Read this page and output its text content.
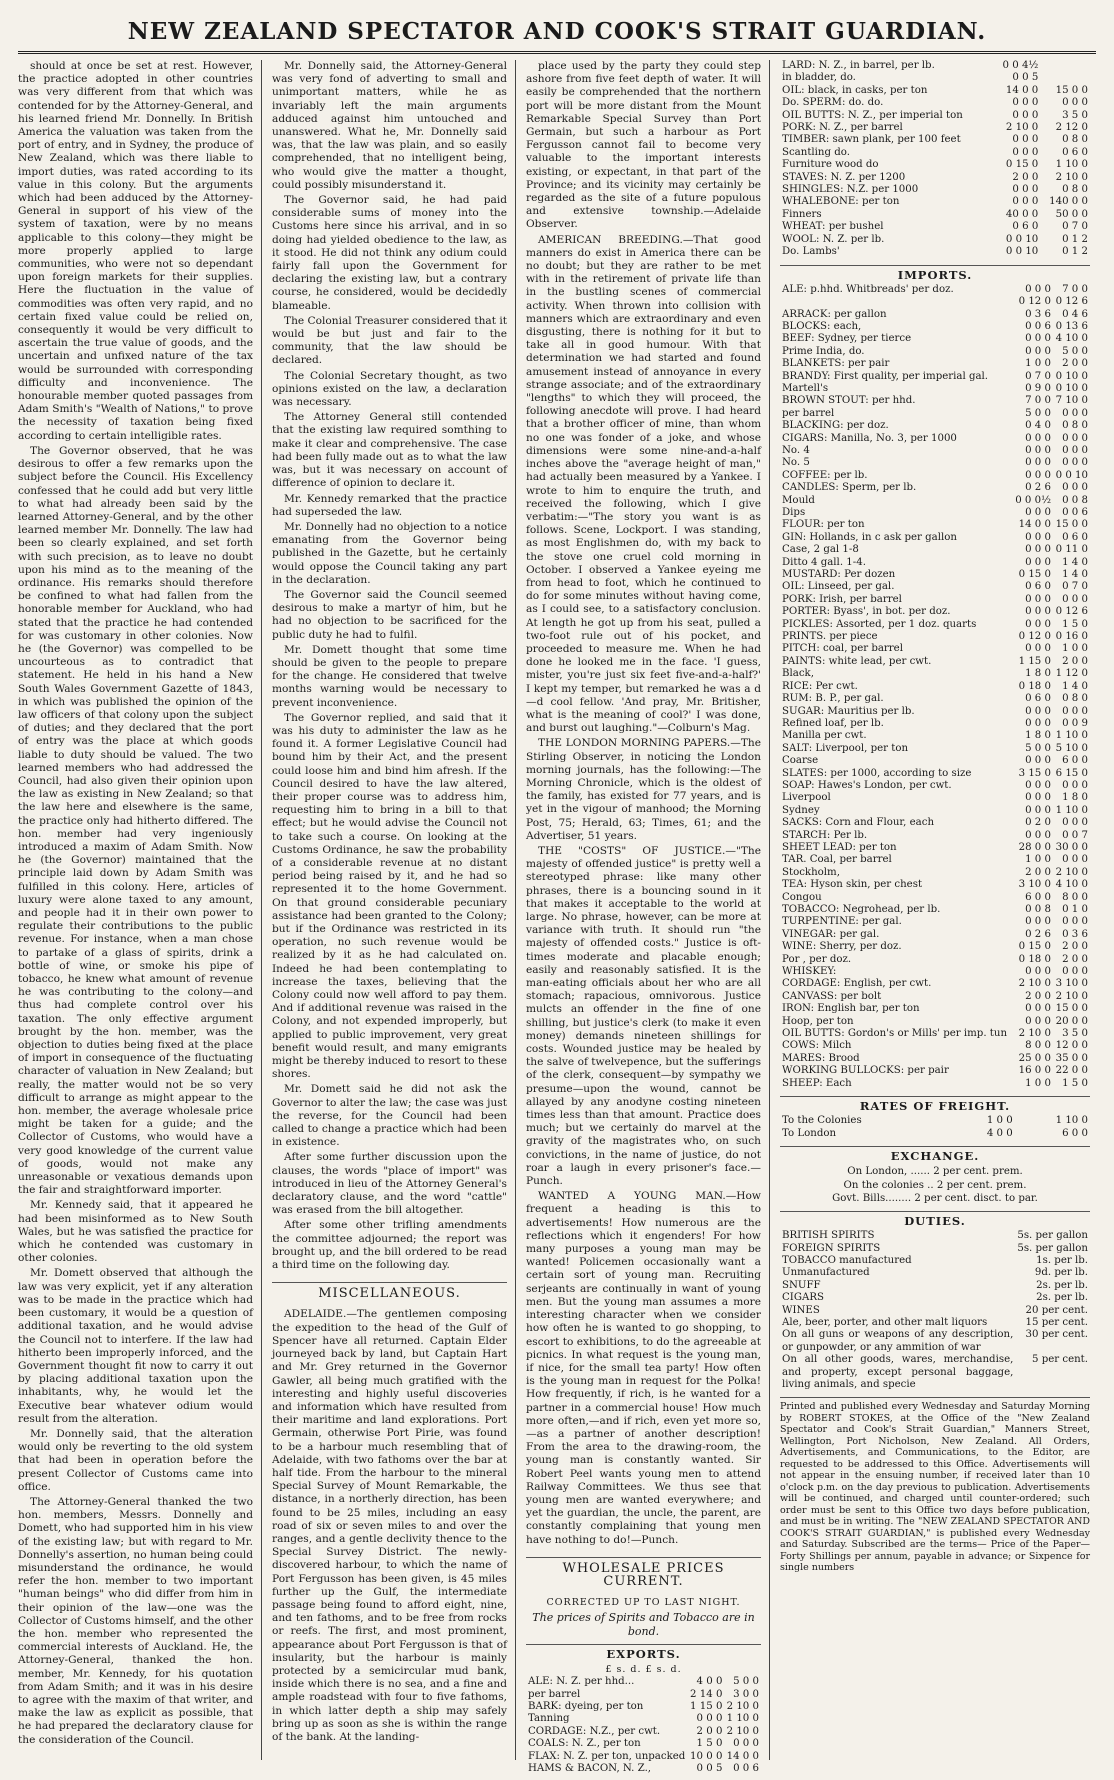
NEW ZEALAND SPECTATOR AND COOK'S STRAIT GUARDIAN.

should at once be set at rest. However, the practice adopted in other countries was very different from that which was contended for by the Attorney-General, and his learned friend Mr. Donnelly. In British America the valuation was taken from the port of entry, and in Sydney, the produce of New Zealand, which was there liable to import duties, was rated according to its value in this colony. But the arguments which had been adduced by the Attorney-General in support of his view of the system of taxation, were by no means applicable to this colony—they might be more properly applied to large communities, who were not so dependant upon foreign markets for their supplies. Here the fluctuation in the value of commodities was often very rapid, and no certain fixed value could be relied on, consequently it would be very difficult to ascertain the true value of goods, and the uncertain and unfixed nature of the tax would be surrounded with corresponding difficulty and inconvenience. The honourable member quoted passages from Adam Smith's "Wealth of Nations," to prove the necessity of taxation being fixed according to certain intelligible rates.

The Governor observed, that he was desirous to offer a few remarks upon the subject before the Council. His Excellency confessed that he could add but very little to what had already been said by the learned Attorney-General, and by the other learned member Mr. Donnelly. The law had been so clearly explained, and set forth with such precision, as to leave no doubt upon his mind as to the meaning of the ordinance. His remarks should therefore be confined to what had fallen from the honorable member for Auckland, who had stated that the practice he had contended for was customary in other colonies. Now he (the Governor) was compelled to be uncourteous as to contradict that statement. He held in his hand a New South Wales Government Gazette of 1843, in which was published the opinion of the law officers of that colony upon the subject of duties; and they declared that the port of entry was the place at which goods liable to duty should be valued. The two learned members who had addressed the Council, had also given their opinion upon the law as existing in New Zealand; so that the law here and elsewhere is the same, the practice only had hitherto differed. The hon. member had very ingeniously introduced a maxim of Adam Smith. Now he (the Governor) maintained that the principle laid down by Adam Smith was fulfilled in this colony. Here, articles of luxury were alone taxed to any amount, and people had it in their own power to regulate their contributions to the public revenue. For instance, when a man chose to partake of a glass of spirits, drink a bottle of wine, or smoke his pipe of tobacco, he knew what amount of revenue he was contributing to the colony—and thus had complete control over his taxation. The only effective argument brought by the hon. member, was the objection to duties being fixed at the place of import in consequence of the fluctuating character of valuation in New Zealand; but really, the matter would not be so very difficult to arrange as might appear to the hon. member, the average wholesale price might be taken for a guide; and the Collector of Customs, who would have a very good knowledge of the current value of goods, would not make any unreasonable or vexatious demands upon the fair and straightforward importer.

Mr. Kennedy said, that it appeared he had been misinformed as to New South Wales, but he was satisfied the practice for which he contended was customary in other colonies.

Mr. Domett observed that although the law was very explicit, yet if any alteration was to be made in the practice which had been customary, it would be a question of additional taxation, and he would advise the Council not to interfere. If the law had hitherto been improperly inforced, and the Government thought fit now to carry it out by placing additional taxation upon the inhabitants, why, he would let the Executive bear whatever odium would result from the alteration.

Mr. Donnelly said, that the alteration would only be reverting to the old system that had been in operation before the present Collector of Customs came into office.

The Attorney-General thanked the two hon. members, Messrs. Donnelly and Domett, who had supported him in his view of the existing law; but with regard to Mr. Donnelly's assertion, no human being could misunderstand the ordinance, he would refer the hon. member to two important "human beings" who did differ from him in their opinion of the law—one was the Collector of Customs himself, and the other the hon. member who represented the commercial interests of Auckland. He, the Attorney-General, thanked the hon. member, Mr. Kennedy, for his quotation from Adam Smith; and it was in his desire to agree with the maxim of that writer, and make the law as explicit as possible, that he had prepared the declaratory clause for the consideration of the Council.

Mr. Donnelly said, the Attorney-General was very fond of adverting to small and unimportant matters, while he as invariably left the main arguments adduced against him untouched and unanswered. What he, Mr. Donnelly said was, that the law was plain, and so easily comprehended, that no intelligent being, who would give the matter a thought, could possibly misunderstand it.

The Governor said, he had paid considerable sums of money into the Customs here since his arrival, and in so doing had yielded obedience to the law, as it stood. He did not think any odium could fairly fall upon the Government for declaring the existing law, but a contrary course, he considered, would be decidedly blameable.

The Colonial Treasurer considered that it would be but just and fair to the community, that the law should be declared.

The Colonial Secretary thought, as two opinions existed on the law, a declaration was necessary.

The Attorney General still contended that the existing law required somthing to make it clear and comprehensive. The case had been fully made out as to what the law was, but it was necessary on account of difference of opinion to declare it.

Mr. Kennedy remarked that the practice had superseded the law.

Mr. Donnelly had no objection to a notice emanating from the Governor being published in the Gazette, but he certainly would oppose the Council taking any part in the declaration.

The Governor said the Council seemed desirous to make a martyr of him, but he had no objection to be sacrificed for the public duty he had to fulfil.

Mr. Domett thought that some time should be given to the people to prepare for the change. He considered that twelve months warning would be necessary to prevent inconvenience.

The Governor replied, and said that it was his duty to administer the law as he found it. A former Legislative Council had bound him by their Act, and the present could loose him and bind him afresh. If the Council desired to have the law altered, their proper course was to address him, requesting him to bring in a bill to that effect; but he would advise the Council not to take such a course. On looking at the Customs Ordinance, he saw the probability of a considerable revenue at no distant period being raised by it, and he had so represented it to the home Government. On that ground considerable pecuniary assistance had been granted to the Colony; but if the Ordinance was restricted in its operation, no such revenue would be realized by it as he had calculated on. Indeed he had been contemplating to increase the taxes, believing that the Colony could now well afford to pay them. And if additional revenue was raised in the Colony, and not expended improperly, but applied to public improvement, very great benefit would result, and many emigrants might be thereby induced to resort to these shores.

Mr. Domett said he did not ask the Governor to alter the law; the case was just the reverse, for the Council had been called to change a practice which had been in existence.

After some further discussion upon the clauses, the words "place of import" was introduced in lieu of the Attorney General's declaratory clause, and the word "cattle" was erased from the bill altogether.

After some other trifling amendments the committee adjourned; the report was brought up, and the bill ordered to be read a third time on the following day.

MISCELLANEOUS.

ADELAIDE.—The gentlemen composing the expedition to the head of the Gulf of Spencer have all returned. Captain Elder journeyed back by land, but Captain Hart and Mr. Grey returned in the Governor Gawler, all being much gratified with the interesting and highly useful discoveries and information which have resulted from their maritime and land explorations. Port Germain, otherwise Port Pirie, was found to be a harbour much resembling that of Adelaide, with two fathoms over the bar at half tide. From the harbour to the mineral Special Survey of Mount Remarkable, the distance, in a northerly direction, has been found to be 25 miles, including an easy road of six or seven miles to and over the ranges, and a gentle declivity thence to the Special Survey District. The newly-discovered harbour, to which the name of Port Fergusson has been given, is 45 miles further up the Gulf, the intermediate passage being found to afford eight, nine, and ten fathoms, and to be free from rocks or reefs. The first, and most prominent, appearance about Port Fergusson is that of insularity, but the harbour is mainly protected by a semicircular mud bank, inside which there is no sea, and a fine and ample roadstead with four to five fathoms, in which latter depth a ship may safely bring up as soon as she is within the range of the bank. At the landing-

place used by the party they could step ashore from five feet depth of water. It will easily be comprehended that the northern port will be more distant from the Mount Remarkable Special Survey than Port Germain, but such a harbour as Port Fergusson cannot fail to become very valuable to the important interests existing, or expectant, in that part of the Province; and its vicinity may certainly be regarded as the site of a future populous and extensive township.—Adelaide Observer.

AMERICAN BREEDING.—That good manners do exist in America there can be no doubt; but they are rather to be met with in the retirement of private life than in the bustling scenes of commercial activity. When thrown into collision with manners which are extraordinary and even disgusting, there is nothing for it but to take all in good humour. With that determination we had started and found amusement instead of annoyance in every strange associate; and of the extraordinary "lengths" to which they will proceed, the following anecdote will prove. I had heard that a brother officer of mine, than whom no one was fonder of a joke, and whose dimensions were some nine-and-a-half inches above the "average height of man," had actually been measured by a Yankee. I wrote to him to enquire the truth, and received the following, which I give verbatim:—"The story you want is as follows. Scene, Lockport. I was standing, as most Englishmen do, with my back to the stove one cruel cold morning in October. I observed a Yankee eyeing me from head to foot, which he continued to do for some minutes without having come, as I could see, to a satisfactory conclusion. At length he got up from his seat, pulled a two-foot rule out of his pocket, and proceeded to measure me. When he had done he looked me in the face. 'I guess, mister, you're just six feet five-and-a-half?' I kept my temper, but remarked he was a d—d cool fellow. 'And pray, Mr. Britisher, what is the meaning of cool?' I was done, and burst out laughing."—Colburn's Mag.

THE LONDON MORNING PAPERS.—The Stirling Observer, in noticing the London morning journals, has the following:—The Morning Chronicle, which is the oldest of the family, has existed for 77 years, and is yet in the vigour of manhood; the Morning Post, 75; Herald, 63; Times, 61; and the Advertiser, 51 years.

THE "COSTS" OF JUSTICE.—"The majesty of offended justice" is pretty well a stereotyped phrase: like many other phrases, there is a bouncing sound in it that makes it acceptable to the world at large. No phrase, however, can be more at variance with truth. It should run "the majesty of offended costs." Justice is oft-times moderate and placable enough; easily and reasonably satisfied. It is the man-eating officials about her who are all stomach; rapacious, omnivorous. Justice mulcts an offender in the fine of one shilling, but justice's clerk (to make it even money) demands nineteen shillings for costs. Wounded justice may be healed by the salve of twelvepence, but the sufferings of the clerk, consequent—by sympathy we presume—upon the wound, cannot be allayed by any anodyne costing nineteen times less than that amount. Practice does much; but we certainly do marvel at the gravity of the magistrates who, on such convictions, in the name of justice, do not roar a laugh in every prisoner's face.—Punch.

WANTED A YOUNG MAN.—How frequent a heading is this to advertisements! How numerous are the reflections which it engenders! For how many purposes a young man may be wanted! Policemen occasionally want a certain sort of young man. Recruiting serjeants are continually in want of young men. But the young man assumes a more interesting character when we consider how often he is wanted to go shopping, to escort to exhibitions, to do the agreeable at picnics. In what request is the young man, if nice, for the small tea party! How often is the young man in request for the Polka! How frequently, if rich, is he wanted for a partner in a commercial house! How much more often,—and if rich, even yet more so,—as a partner of another description! From the area to the drawing-room, the young man is constantly wanted. Sir Robert Peel wants young men to attend Railway Committees. We thus see that young men are wanted everywhere; and yet the guardian, the uncle, the parent, are constantly complaining that young men have nothing to do!—Punch.

WHOLESALE PRICES CURRENT.
CORRECTED UP TO LAST NIGHT.
The prices of Spirits and Tobacco are in bond.
EXPORTS.
£ s. d. £ s. d.
ALE: N. Z. per hhd...	4 0 0	5 0 0
per barrel	2 14 0	3 0 0
BARK: dyeing, per ton	1 15 0	2 10 0
Tanning	0 0 0	1 10 0
CORDAGE: N.Z., per cwt.	2 0 0	2 10 0
COALS: N. Z., per ton	1 5 0	0 0 0
FLAX: N. Z. per ton, unpacked	10 0 0	14 0 0
HAMS & BACON, N. Z.,	0 0 5	0 0 6
LARD: N. Z., in barrel, per lb.	0 0 4½	
in bladder, do.	0 0 5	
OIL: black, in casks, per ton	14 0 0	15 0 0
Do. SPERM: do. do.	0 0 0	0 0 0
OIL BUTTS: N. Z., per imperial ton	0 0 0	3 5 0
PORK: N. Z., per barrel	2 10 0	2 12 0
TIMBER: sawn plank, per 100 feet	0 0 0	0 8 0
Scantling do.	0 0 0	0 6 0
Furniture wood do	0 15 0	1 10 0
STAVES: N. Z. per 1200	2 0 0	2 10 0
SHINGLES: N.Z. per 1000	0 0 0	0 8 0
WHALEBONE: per ton	0 0 0	140 0 0
Finners	40 0 0	50 0 0
WHEAT: per bushel	0 6 0	0 7 0
WOOL: N. Z. per lb.	0 0 10	0 1 2
Do. Lambs'	0 0 10	0 1 2
IMPORTS.
ALE: p.hhd. Whitbreads' per doz.	0 0 0	7 0 0
	0 12 0	0 12 6
ARRACK: per gallon	0 3 6	0 4 6
BLOCKS: each,	0 0 6	0 13 6
BEEF: Sydney, per tierce	0 0 0	4 10 0
Prime India, do.	0 0 0	5 0 0
BLANKETS: per pair	1 0 0	2 0 0
BRANDY: First quality, per imperial gal.	0 7 0	0 10 0
Martell's	0 9 0	0 10 0
BROWN STOUT: per hhd.	7 0 0	7 10 0
per barrel	5 0 0	0 0 0
BLACKING: per doz.	0 4 0	0 8 0
CIGARS: Manilla, No. 3, per 1000	0 0 0	0 0 0
No. 4	0 0 0	0 0 0
No. 5	0 0 0	0 0 0
COFFEE: per lb.	0 0 0	0 0 10
CANDLES: Sperm, per lb.	0 2 6	0 0 0
Mould	0 0 0½	0 0 8
Dips	0 0 0	0 0 6
FLOUR: per ton	14 0 0	15 0 0
GIN: Hollands, in c ask per gallon	0 0 0	0 6 0
Case, 2 gal 1-8	0 0 0	0 11 0
Ditto 4 gall. 1-4.	0 0 0	1 4 0
MUSTARD: Per dozen	0 15 0	1 4 0
OIL: Linseed, per gal.	0 6 0	0 7 0
PORK: Irish, per barrel	0 0 0	0 0 0
PORTER: Byass', in bot. per doz.	0 0 0	0 12 6
PICKLES: Assorted, per 1 doz. quarts	0 0 0	1 5 0
PRINTS. per piece	0 12 0	0 16 0
PITCH: coal, per barrel	0 0 0	1 0 0
PAINTS: white lead, per cwt.	1 15 0	2 0 0
Black,	1 8 0	1 12 0
RICE: Per cwt.	0 18 0	1 4 0
RUM: B. P., per gal.	0 6 0	0 8 0
SUGAR: Mauritius per lb.	0 0 0	0 0 0
Refined loaf, per lb.	0 0 0	0 0 9
Manilla per cwt.	1 8 0	1 10 0
SALT: Liverpool, per ton	5 0 0	5 10 0
Coarse	0 0 0	6 0 0
SLATES: per 1000, according to size	3 15 0	6 15 0
SOAP: Hawes's London, per cwt.	0 0 0	0 0 0
Liverpool	0 0 0	1 8 0
Sydney	0 0 0	1 10 0
SACKS: Corn and Flour, each	0 2 0	0 0 0
STARCH: Per lb.	0 0 0	0 0 7
SHEET LEAD: per ton	28 0 0	30 0 0
TAR. Coal, per barrel	1 0 0	0 0 0
Stockholm,	2 0 0	2 10 0
TEA: Hyson skin, per chest	3 10 0	4 10 0
Congou	6 0 0	8 0 0
TOBACCO: Negrohead, per lb.	0 0 8	0 1 0
TURPENTINE: per gal.	0 0 0	0 0 0
VINEGAR: per gal.	0 2 6	0 3 6
WINE: Sherry, per doz.	0 15 0	2 0 0
Por , per doz.	0 18 0	2 0 0
WHISKEY:	0 0 0	0 0 0
CORDAGE: English, per cwt.	2 10 0	3 10 0
CANVASS: per bolt	2 0 0	2 10 0
IRON: English bar, per ton	0 0 0	15 0 0
Hoop, per ton	0 0 0	20 0 0
OIL BUTTS: Gordon's or Mills' per imp. tun	2 10 0	3 5 0
COWS: Milch	8 0 0	12 0 0
MARES: Brood	25 0 0	35 0 0
WORKING BULLOCKS: per pair	16 0 0	22 0 0
SHEEP: Each	1 0 0	1 5 0
RATES OF FREIGHT.
To the Colonies	1 0 0	1 10 0
To London	4 0 0	6 0 0
EXCHANGE.
On London, ...... 2 per cent. prem.
On the colonies .. 2 per cent. prem.
Govt. Bills........ 2 per cent. disct. to par.
DUTIES.
BRITISH SPIRITS	5s. per gallon
FOREIGN SPIRITS	5s. per gallon
TOBACCO manufactured	1s. per lb.
Unmanufactured	9d. per lb.
SNUFF	2s. per lb.
CIGARS	2s. per lb.
WINES	20 per cent.
Ale, beer, porter, and other malt liquors	15 per cent.
On all guns or weapons of any description, or gunpowder, or any ammition of war	30 per cent.
On all other goods, wares, merchandise, and property, except personal baggage, living animals, and specie	5 per cent.
Printed and published every Wednesday and Saturday Morning by ROBERT STOKES, at the Office of the "New Zealand Spectator and Cook's Strait Guardian," Manners Street, Wellington, Port Nicholson, New Zealand. All Orders, Advertisements, and Communications, to the Editor, are requested to be addressed to this Office. Advertisements will not appear in the ensuing number, if received later than 10 o'clock p.m. on the day previous to publication. Advertisements will be continued, and charged until counter-ordered; such order must be sent to this Office two days before publication, and must be in writing. The "NEW ZEALAND SPECTATOR AND COOK'S STRAIT GUARDIAN," is published every Wednesday and Saturday. Subscribed are the terms— Price of the Paper—Forty Shillings per annum, payable in advance; or Sixpence for single numbers
